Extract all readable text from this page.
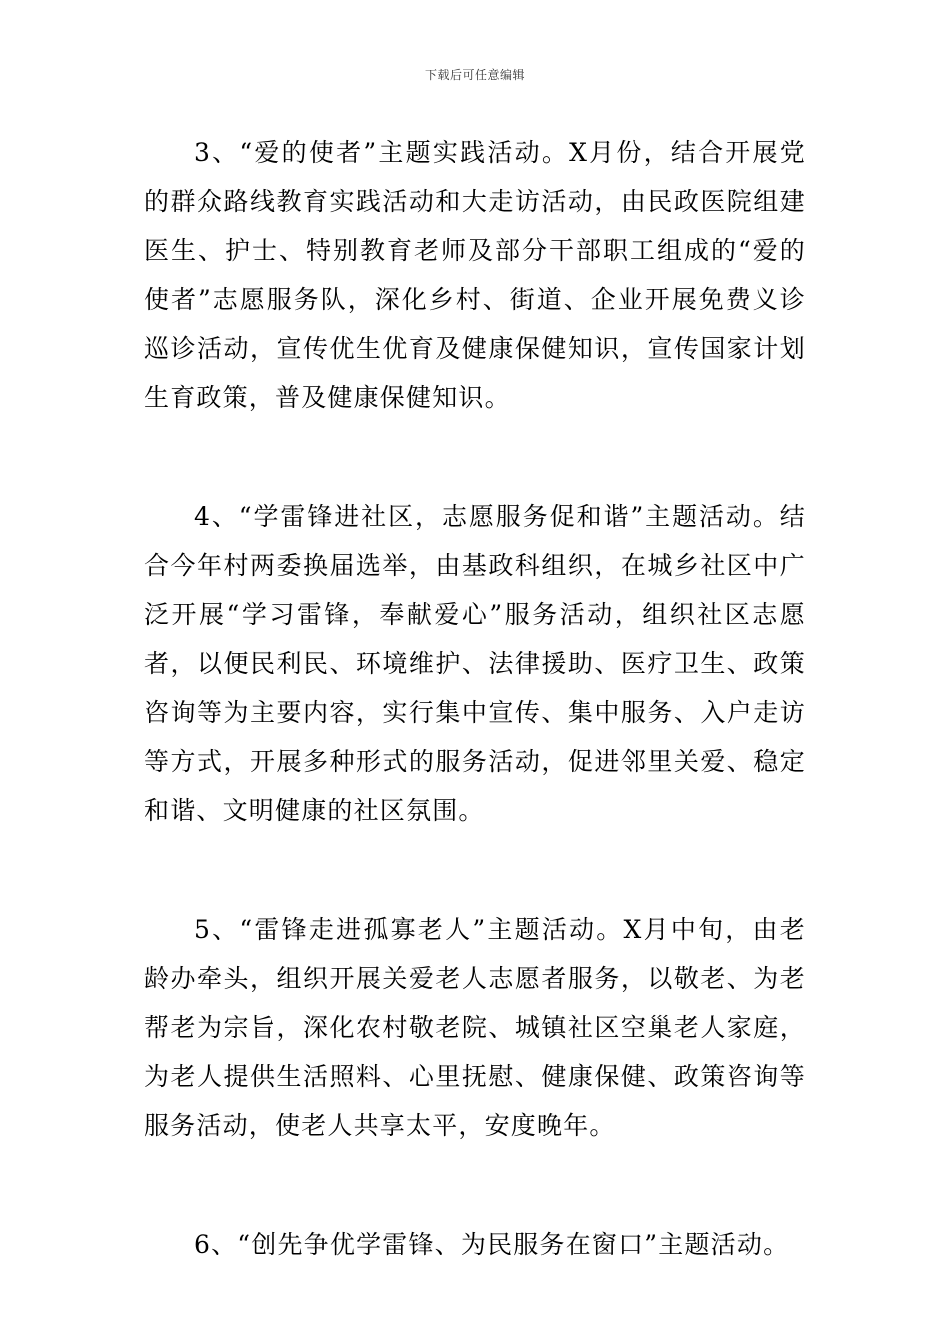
下载后可任意编辑

3、“爱的使者”主题实践活动。X月份，结合开展党的群众路线教育实践活动和大走访活动，由民政医院组建医生、护士、特别教育老师及部分干部职工组成的“爱的使者”志愿服务队，深化乡村、街道、企业开展免费义诊巡诊活动，宣传优生优育及健康保健知识，宣传国家计划生育政策，普及健康保健知识。

4、“学雷锋进社区，志愿服务促和谐”主题活动。结合今年村两委换届选举，由基政科组织，在城乡社区中广泛开展“学习雷锋，奉献爱心”服务活动，组织社区志愿者，以便民利民、环境维护、法律援助、医疗卫生、政策咨询等为主要内容，实行集中宣传、集中服务、入户走访等方式，开展多种形式的服务活动，促进邻里关爱、稳定和谐、文明健康的社区氛围。

5、“雷锋走进孤寡老人”主题活动。X月中旬，由老龄办牵头，组织开展关爱老人志愿者服务，以敬老、为老帮老为宗旨，深化农村敬老院、城镇社区空巢老人家庭，为老人提供生活照料、心里抚慰、健康保健、政策咨询等服务活动，使老人共享太平，安度晚年。

6、“创先争优学雷锋、为民服务在窗口”主题活动。
